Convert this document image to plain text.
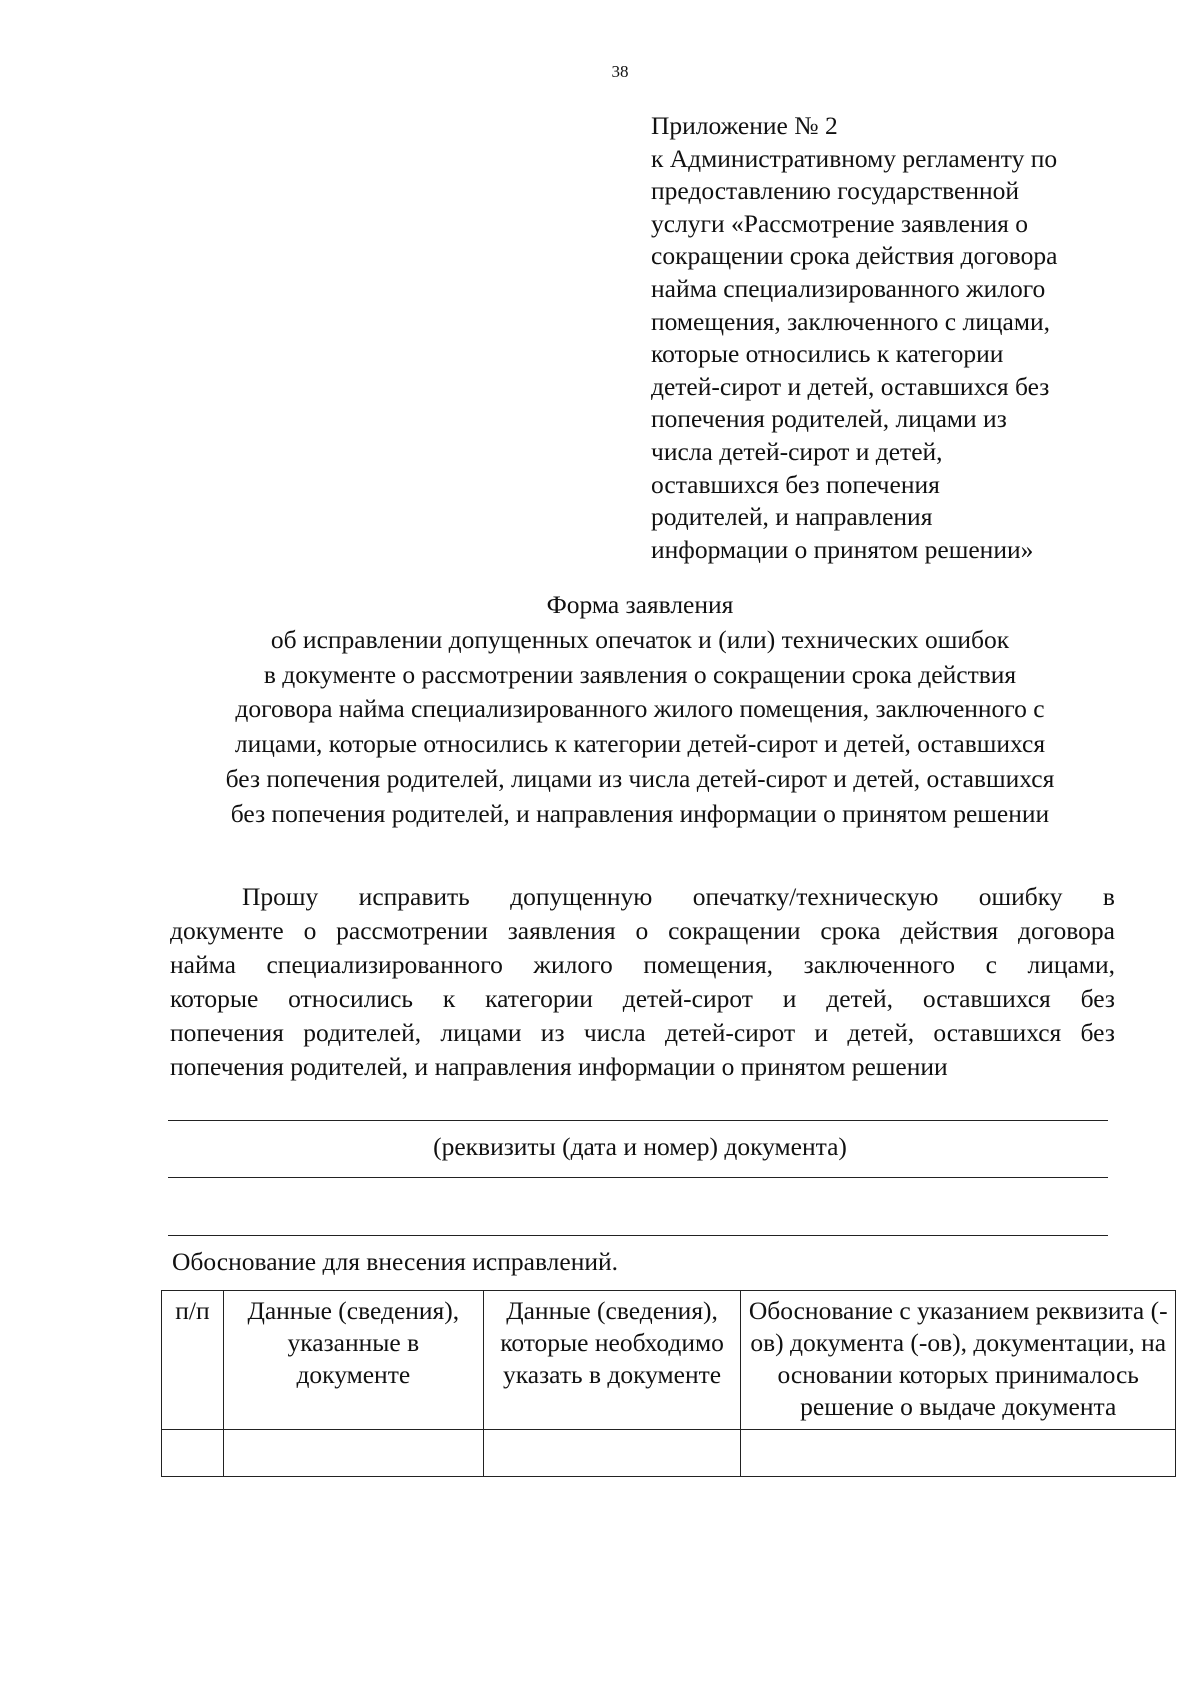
38
Приложение № 2
к Административному регламенту по
предоставлению государственной
услуги «Рассмотрение заявления о
сокращении срока действия договора
найма специализированного жилого
помещения, заключенного с лицами,
которые относились к категории
детей-сирот и детей, оставшихся без
попечения родителей, лицами из
числа детей-сирот и детей,
оставшихся без попечения
родителей, и направления
информации о принятом решении»
Форма заявления
об исправлении допущенных опечаток и (или) технических ошибок
в документе о рассмотрении заявления о сокращении срока действия
договора найма специализированного жилого помещения, заключенного с
лицами, которые относились к категории детей-сирот и детей, оставшихся
без попечения родителей, лицами из числа детей-сирот и детей, оставшихся
без попечения родителей, и направления информации о принятом решении
Прошу исправить допущенную опечатку/техническую ошибку в
документе о рассмотрении заявления о сокращении срока действия договора
найма специализированного жилого помещения, заключенного с лицами,
которые относились к категории детей-сирот и детей, оставшихся без
попечения родителей, лицами из числа детей-сирот и детей, оставшихся без
попечения родителей, и направления информации о принятом решении
(реквизиты (дата и номер) документа)
Обоснование для внесения исправлений.
п/п	Данные (сведения), указанные в документе	Данные (сведения), которые необходимо указать в документе	Обоснование с указанием реквизита (-ов) документа (-ов), документации, на основании которых принималось решение о выдаче документа
